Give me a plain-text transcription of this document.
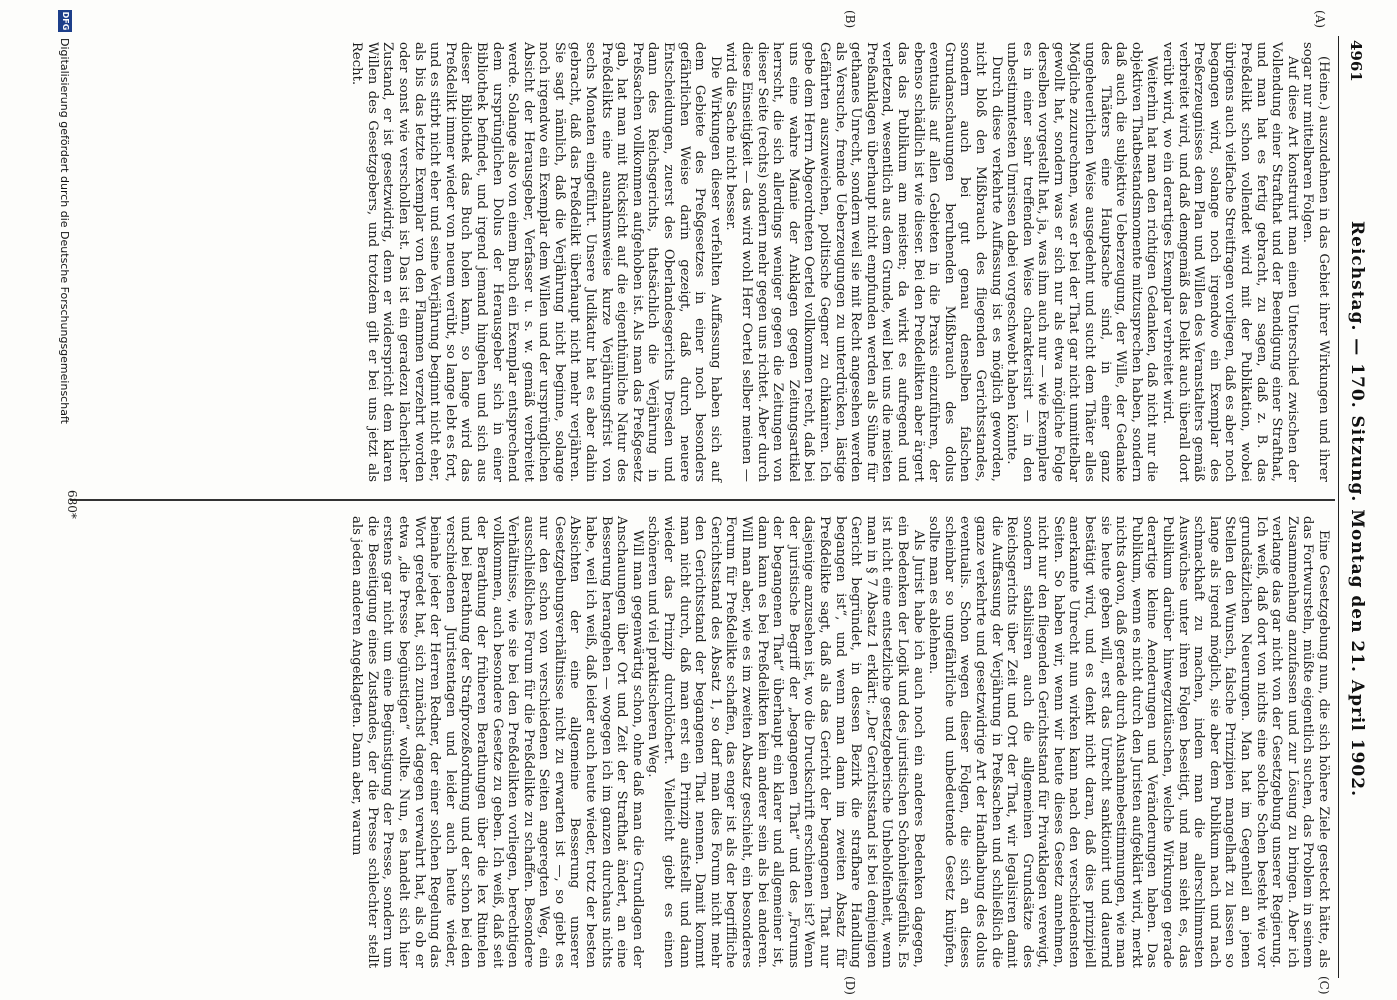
4961
Reichstag. — 170. Sitzung. Montag den 21. April 1902.
(A)
(B)
(C)
(D)

(Heine.) auszudehnen in das Gebiet ihrer Wirkungen und ihrer sogar nur mittelbaren Folgen.

Auf diese Art konstruirt man einen Unterschied zwischen der Vollendung einer Strafthat und der Beendigung einer Strafthat, und man hat es fertig gebracht, zu sagen, daß z. B. das Preßdelikt schon vollendet wird mit der Publikation, wobei übrigens auch vielfache Streitfragen vorliegen, daß es aber noch begangen wird, solange noch irgendwo ein Exemplar des Preßerzeugnisses dem Plan und Willen des Veranstalters gemäß verbreitet wird, und daß demgemäß das Delikt auch überall dort verübt wird, wo ein derartiges Exemplar verbreitet wird.

Weiterhin hat man den richtigen Gedanken, daß nicht nur die objektiven Thatbestandsmomente mitzusprechen haben, sondern daß auch die subjektive Ueberzeugung, der Wille, der Gedanke des Thäters eine Hauptsache sind, in einer ganz ungeheuerlichen Weise ausgedehnt und sucht dem Thäter alles Mögliche zuzurechnen, was er bei der That gar nicht unmittelbar gewollt hat, sondern was er sich nur als etwa mögliche Folge derselben vorgestellt hat, ja, was ihm auch nur — wie Exemplare es in einer sehr treffenden Weise charakterisirt — in den unbestimmtesten Umrissen dabei vorgeschwebt haben könnte.

Durch diese verkehrte Auffassung ist es möglich geworden, nicht bloß den Mißbrauch des fliegenden Gerichtsstandes, sondern auch bei gut genau denselben falschen Grundanschauungen beruhenden Mißbrauch des dolus eventualis auf allen Gebieten in die Praxis einzuführen, der ebenso schädlich ist wie dieser. Bei den Preßdelikten aber ärgert das das Publikum am meisten; da wirkt es aufregend und verletzend, wesentlich aus dem Grunde, weil bei uns die meisten Preßanklagen überhaupt nicht empfunden werden als Sühne für gethanes Unrecht, sondern weil sie mit Recht angesehen werden als Versuche, fremde Ueberzeugungen zu unterdrücken, lästige Gefährten auszuweichen, politische Gegner zu chikaniren. Ich gebe dem Herrn Abgeordneten Oertel vollkommen recht, daß bei uns eine wahre Manie der Anklagen gegen Zeitungsartikel herrscht, die sich allerdings weniger gegen die Zeitungen von dieser Seite (rechts) sondern mehr gegen uns richtet. Aber durch diese Einseitigkeit — das wird wohl Herr Oertel selber meinen — wird die Sache nicht besser.

Die Wirkungen dieser verfehlten Auffassung haben sich auf dem Gebiete des Preßgesetzes in einer noch besonders gefährlichen Weise darin gezeigt, daß durch neuere Entscheidungen, zuerst des Oberlandesgerichts Dresden und dann des Reichsgerichts, thatsächlich die Verjährung in Preßsachen vollkommen aufgehoben ist. Als man das Preßgesetz gab, hat man mit Rücksicht auf die eigenthümliche Natur des Preßdelikts eine ausnahmsweise kurze Verjährungsfrist von sechs Monaten eingeführt. Unsere Judikatur hat es aber dahin gebracht, daß das Preßdelikt überhaupt nicht mehr verjähren. Sie sagt nämlich, daß die Verjährung nicht beginne, solange noch irgendwo ein Exemplar dem Willen und der ursprünglichen Absicht der Herausgeber, Verfasser u. s. w. gemäß verbreitet werde. Solange also von einem Buch ein Exemplar entsprechend dem ursprünglichen Dolus der Herausgeber sich in einer Bibliothek befindet, und irgend jemand hingehen und sich aus dieser Bibliothek das Buch holen kann, so lange wird das Preßdelikt immer wieder von neuem verübt, so lange lebt es fort, und es stirbt nicht eher und seine Verjährung beginnt nicht eher, als bis das letzte Exemplar von den Flammen verzehrt worden oder sonst wie verschollen ist. Das ist ein geradezu lächerlicher Zustand, er ist gesetzwidrig, denn er widerspricht dem klaren Willen des Gesetzgebers, und trotzdem gilt er bei uns jetzt als Recht.

Eine Gesetzgebung nun, die sich höhere Ziele gesteckt hätte, als das Fortwursteln, müßte eigentlich suchen, das Problem in seinem Zusammenhang anzufassen und zur Lösung zu bringen. Aber ich verlange das gar nicht von der Gesetzgebung unserer Regierung. Ich weiß, daß dort von nichts eine solche Schen besteht wie vor grundsätzlichen Neuerungen. Man hat im Gegenheil an jenen Stellen den Wunsch, falsche Prinzipien mangelhaft zu lassen so lange als irgend möglich, sie aber dem Publikum nach und nach schmackhaft zu machen, indem man die allerschlimmsten Auswüchse unter ihren Folgen beseitigt, und man sieht es, das Publikum darüber hinwegzutäuschen, welche Wirkungen gerade derartige kleine Aenderungen und Veränderungen haben. Das Publikum, wenn es nicht durch den Juristen aufgeklärt wird, merkt nichts davon, daß gerade durch Ausnahmebestimmungen, wie man sie heute geben will, erst das Unrecht sanktionirt und dauernd bestätigt wird, und es denkt nicht daran, daß dies prinzipiell anerkannte Unrecht nun wirken kann nach den verschiedensten Seiten. So haben wir, wenn wir heute dieses Gesetz annehmen, nicht nur den fliegenden Gerichtsstand für Privatklagen verewigt, sondern stabilisiren auch die allgemeinen Grundsätze des Reichsgerichts über Zeit und Ort der That, wir legalisiren damit die Auffassung der Verjährung in Preßsachen und schließlich die ganze verkehrte und gesetzwidrige Art der Handhabung des dolus eventualis. Schon wegen dieser Folgen, die sich an dieses scheinbar so ungefährliche und unbedeutende Gesetz knüpfen, sollte man es ablehnen.

Als Jurist habe ich auch noch ein anderes Bedenken dagegen, ein Bedenken der Logik und des juristischen Schönheitsgefühls. Es ist nicht eine entsetzliche gesetzgeberische Unbeholfenheit, wenn man in § 7 Absatz 1 erklärt: „Der Gerichtsstand ist bei demjenigen Gericht begründet, in dessen Bezirk die strafbare Handlung begangen ist“, und wenn man dann im zweiten Absatz für Preßdelikte sagt, daß als das Gericht der begangenen That nur dasjenige anzusehen ist, wo die Druckschrift erschienen ist? Wenn der juristische Begriff der „begangenen That“ und des „Forums der begangenen That“ überhaupt ein klarer und allgemeiner ist, dann kann es bei Preßdelikten kein anderer sein als bei anderen. Will man aber, wie es im zweiten Absatz geschieht, ein besonderes Forum für Preßdelikte schaffen, das enger ist als der begriffliche Gerichtsstand des Absatz 1, so darf man dies Forum nicht mehr den Gerichtsstand der begangenen That nennen. Damit kommt man nicht durch, daß man erst ein Prinzip aufstellt und dann wieder das Prinzip durchlöchert. Vielleicht giebt es einen schöneren und viel praktischeren Weg.

Will man gegenwärtig schon, ohne daß man die Grundlagen der Anschauungen über Ort und Zeit der Strafthat ändert, an eine Besserung herangehen — wogegen ich im ganzen durchaus nichts habe, weil ich weiß, daß leider auch heute wieder, trotz der besten Absichten der eine allgemeine Besserung unserer Gesetzgebungsverhältnisse nicht zu erwarten ist —, so giebt es nur den schon von verschiedenen Seiten angeregten Weg, ein ausschließliches Forum für die Preßdelikte zu schaffen. Besondere Verhältnisse, wie sie bei den Preßdelikten vorliegen, berechtigen vollkommen, auch besondere Gesetze zu geben. Ich weiß, daß seit der Berathung der früheren Berathungen über die lex Rintelen und bei Berathung der Strafprozeßordnung und der schon bei den verschiedenen Juristentagen und leider auch heute wieder, beinahe jeder der Herren Redner, der einer solchen Regelung das Wort geredet hat, sich zunächst dagegen verwahrt hat, als ob er etwa „die Presse begünstigen“ wollte. Nun, es handelt sich hier erstens gar nicht um eine Begünstigung der Presse, sondern um die Beseitigung eines Zustandes, der die Presse schlechter stellt als jeden anderen Angeklagten. Dann aber, warum

680*
DFG
Digitalisierung gefördert durch die Deutsche Forschungsgemeinschaft
